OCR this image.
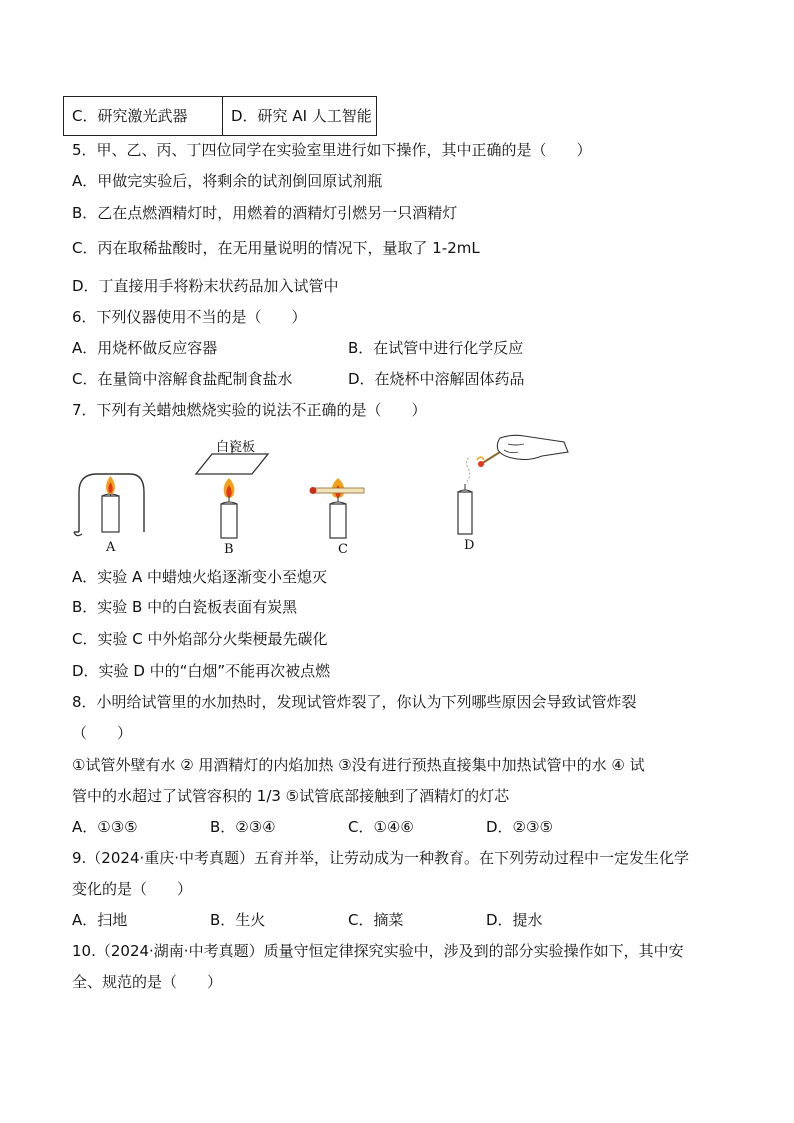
C．研究激光武器	D．研究 AI 人工智能
5．甲、乙、丙、丁四位同学在实验室里进行如下操作，其中正确的是（　　）
A．甲做完实验后，将剩余的试剂倒回原试剂瓶
B．乙在点燃酒精灯时，用燃着的酒精灯引燃另一只酒精灯
C．丙在取稀盐酸时，在无用量说明的情况下，量取了 1-2mL
D．丁直接用手将粉末状药品加入试管中
6．下列仪器使用不当的是（　　）
A．用烧杯做反应容器	B．在试管中进行化学反应
C．在量筒中溶解食盐配制食盐水	D．在烧杯中溶解固体药品
7．下列有关蜡烛燃烧实验的说法不正确的是（　　）
白瓷板
A	B	C	D
A．实验 A 中蜡烛火焰逐渐变小至熄灭
B．实验 B 中的白瓷板表面有炭黑
C．实验 C 中外焰部分火柴梗最先碳化
D．实验 D 中的“白烟”不能再次被点燃
8．小明给试管里的水加热时，发现试管炸裂了，你认为下列哪些原因会导致试管炸裂
（　　）
①试管外壁有水 ② 用酒精灯的内焰加热 ③没有进行预热直接集中加热试管中的水 ④ 试
管中的水超过了试管容积的 1/3 ⑤试管底部接触到了酒精灯的灯芯
A．①③⑤	B．②③④	C．①④⑥	D．②③⑤
9.（2024·重庆·中考真题）五育并举，让劳动成为一种教育。在下列劳动过程中一定发生化学
变化的是（　　）
A．扫地	B．生火	C．摘菜	D．提水
10.（2024·湖南·中考真题）质量守恒定律探究实验中，涉及到的部分实验操作如下，其中安
全、规范的是（　　）
